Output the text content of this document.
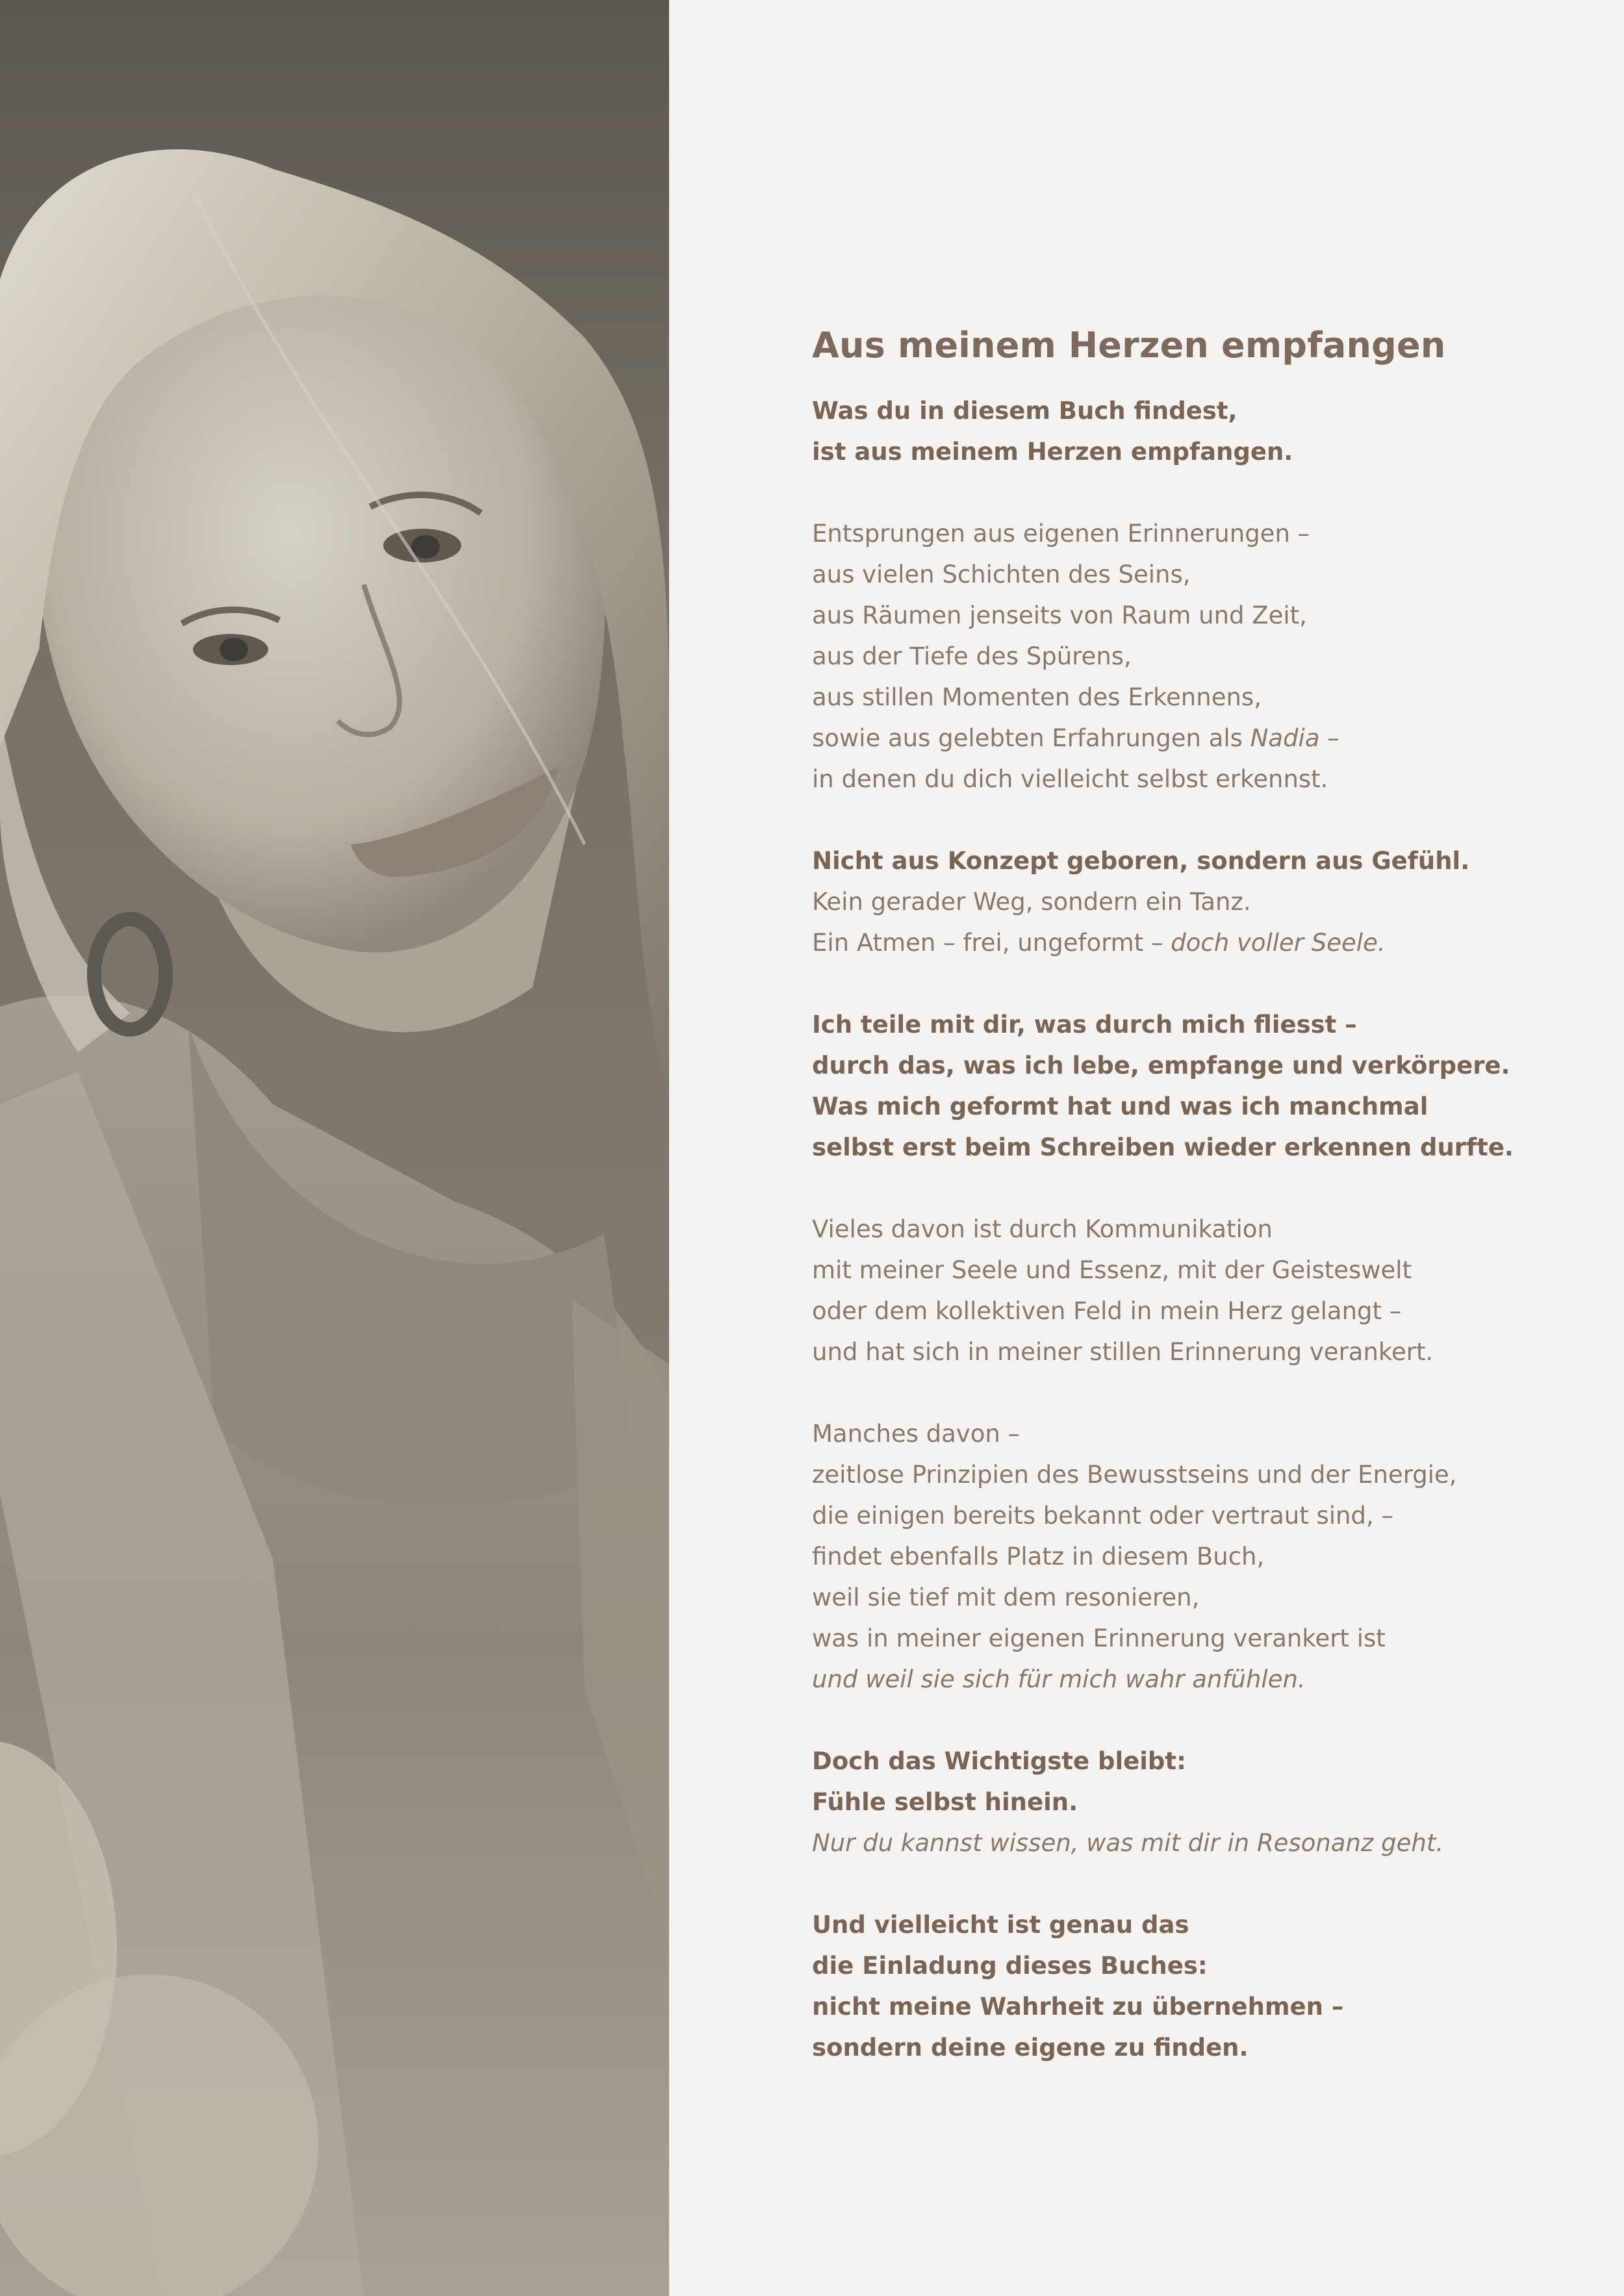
Aus meinem Herzen empfangen
Was du in diesem Buch findest,
ist aus meinem Herzen empfangen.
Entsprungen aus eigenen Erinnerungen –
aus vielen Schichten des Seins,
aus Räumen jenseits von Raum und Zeit,
aus der Tiefe des Spürens,
aus stillen Momenten des Erkennens,
sowie aus gelebten Erfahrungen als Nadia –
in denen du dich vielleicht selbst erkennst.
Nicht aus Konzept geboren, sondern aus Gefühl.
Kein gerader Weg, sondern ein Tanz.
Ein Atmen – frei, ungeformt – doch voller Seele.
Ich teile mit dir, was durch mich fliesst –
durch das, was ich lebe, empfange und verkörpere.
Was mich geformt hat und was ich manchmal
selbst erst beim Schreiben wieder erkennen durfte.
Vieles davon ist durch Kommunikation
mit meiner Seele und Essenz, mit der Geisteswelt
oder dem kollektiven Feld in mein Herz gelangt –
und hat sich in meiner stillen Erinnerung verankert.
Manches davon –
zeitlose Prinzipien des Bewusstseins und der Energie,
die einigen bereits bekannt oder vertraut sind, –
findet ebenfalls Platz in diesem Buch,
weil sie tief mit dem resonieren,
was in meiner eigenen Erinnerung verankert ist
und weil sie sich für mich wahr anfühlen.
Doch das Wichtigste bleibt:
Fühle selbst hinein.
Nur du kannst wissen, was mit dir in Resonanz geht.
Und vielleicht ist genau das
die Einladung dieses Buches:
nicht meine Wahrheit zu übernehmen –
sondern deine eigene zu finden.
